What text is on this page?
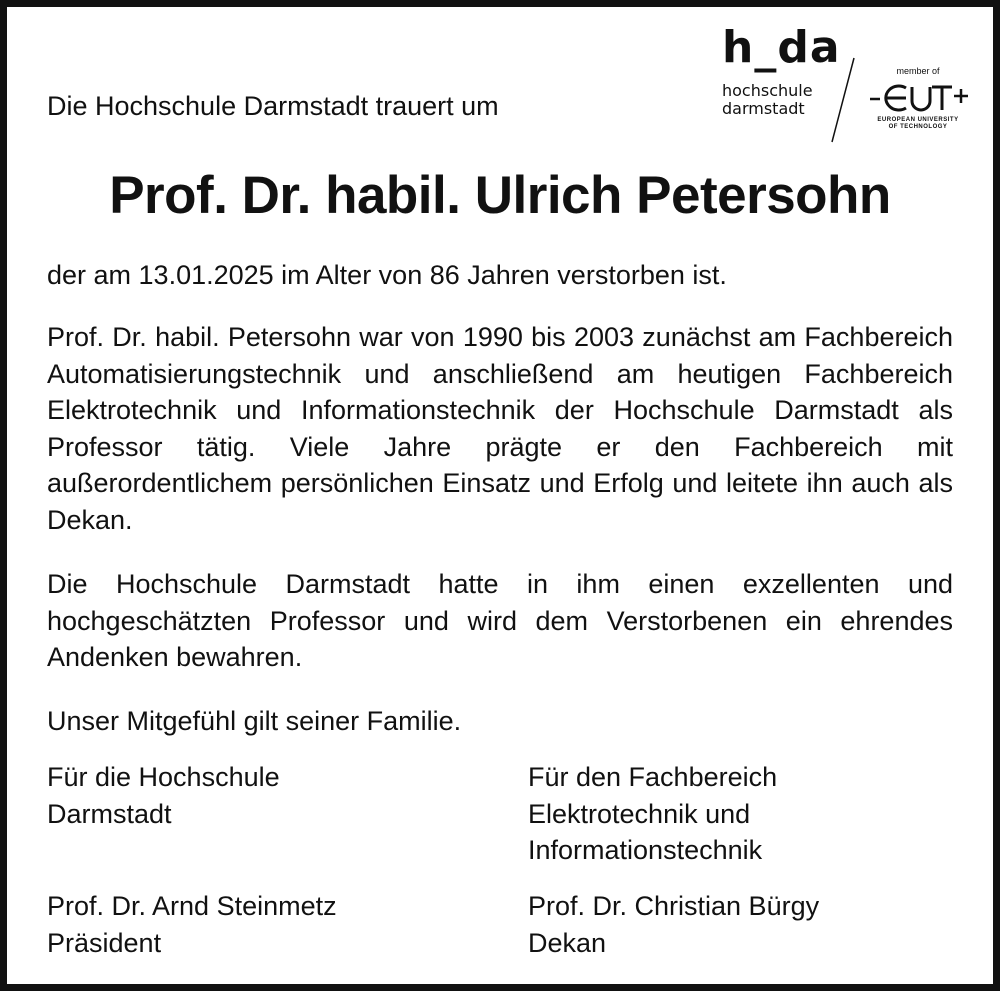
Die Hochschule Darmstadt trauert um
h_da
hochschule
darmstadt
member of
EUROPEAN UNIVERSITY
OF TECHNOLOGY
Prof. Dr. habil. Ulrich Petersohn

der am 13.01.2025 im Alter von 86 Jahren verstorben ist.

Prof. Dr. habil. Petersohn war von 1990 bis 2003 zunächst am Fachbereich Automatisierungstechnik und anschließend am heutigen Fachbereich Elektrotechnik und Informationstechnik der Hochschule Darmstadt als Professor tätig. Viele Jahre prägte er den Fachbereich mit außerordentlichem persönlichen Einsatz und Erfolg und leitete ihn auch als Dekan.

Die Hochschule Darmstadt hatte in ihm einen exzellenten und hochgeschätzten Professor und wird dem Verstorbenen ein ehrendes Andenken bewahren.

Unser Mitgefühl gilt seiner Familie.

Für die Hochschule
Darmstadt
Für den Fachbereich
Elektrotechnik und
Informationstechnik
Prof. Dr. Arnd Steinmetz
Präsident
Prof. Dr. Christian Bürgy
Dekan
